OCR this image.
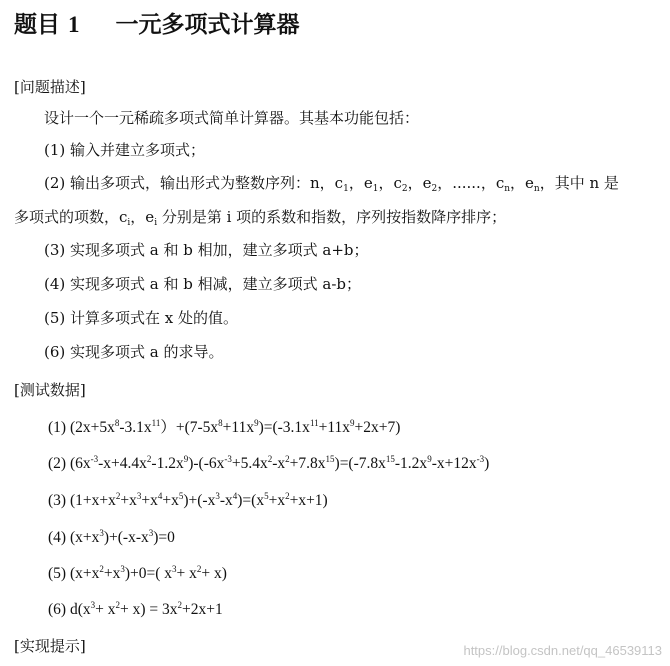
题目 1 一元多项式计算器
[问题描述]
设计一个一元稀疏多项式简单计算器。其基本功能包括：
(1) 输入并建立多项式；
(2) 输出多项式，输出形式为整数序列：n，$c_1$，$e_1$，$c_2$，$e_2$，......，$c_n$，$e_n$，其中 n 是
多项式的项数，$c_i$，$e_i$ 分别是第 i 项的系数和指数，序列按指数降序排序；
(3) 实现多项式 a 和 b 相加，建立多项式 a+b；
(4) 实现多项式 a 和 b 相减，建立多项式 a-b；
(5) 计算多项式在 x 处的值。
(6) 实现多项式 a 的求导。
[测试数据]
(1) $(2x+5x^8-3.1x^{11})+(7-5x^8+11x^9)=(-3.1x^{11}+11x^9+2x+7)$
(2) $(6x^{-3}-x+4.4x^2-1.2x^9)-(-6x^{-3}+5.4x^2-x^2+7.8x^{15})=(-7.8x^{15}-1.2x^9-x+12x^{-3})$
(3) $(1+x+x^2+x^3+x^4+x^5)+(-x^3-x^4)=(x^5+x^2+x+1)$
(4) $(x+x^3)+(-x-x^3)=0$
(5) $(x+x^2+x^3)+0=$( $x^3+ x^2+ x$)
(6) $d(x^3+ x^2+ x) = 3x^2+2x+1$
[实现提示]	https://blog.csdn.net/qq_46539113
